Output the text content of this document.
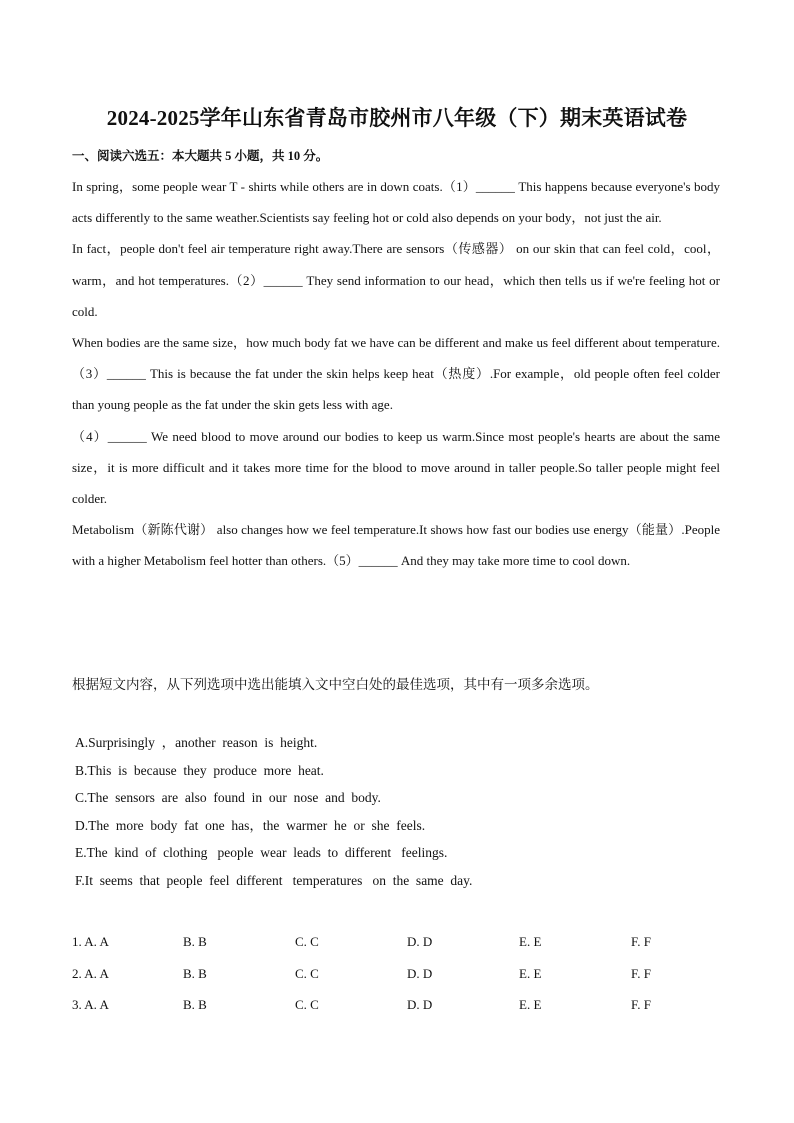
2024-2025学年山东省青岛市胶州市八年级（下）期末英语试卷
一、阅读六选五：本大题共 5 小题，共 10 分。

In spring，some people wear T - shirts while others are in down coats.（1）______ This happens because everyone's body acts differently to the same weather.Scientists say feeling hot or cold also depends on your body，not just the air.

In fact，people don't feel air temperature right away.There are sensors（传感器） on our skin that can feel cold，cool，warm，and hot temperatures.（2）______ They send information to our head，which then tells us if we're feeling hot or cold.

When bodies are the same size，how much body fat we have can be different and make us feel different about temperature.（3）______ This is because the fat under the skin helps keep heat（热度）.For example，old people often feel colder than young people as the fat under the skin gets less with age.

（4）______ We need blood to move around our bodies to keep us warm.Since most people's hearts are about the same size，it is more difficult and it takes more time for the blood to move around in taller people.So taller people might feel colder.

Metabolism（新陈代谢） also changes how we feel temperature.It shows how fast our bodies use energy（能量）.People with a higher Metabolism feel hotter than others.（5）______ And they may take more time to cool down.

根据短文内容，从下列选项中选出能填入文中空白处的最佳选项，其中有一项多余选项。
A.Surprisingly  ，another  reason  is  height.
B.This  is  because  they  produce  more  heat.
C.The  sensors  are  also  found  in  our  nose  and  body.
D.The  more  body  fat  one  has，the  warmer  he  or  she  feels.
E.The  kind  of  clothing   people  wear  leads  to  different   feelings.
F.It  seems  that  people  feel  different   temperatures   on  the  same  day.
1. A. A	B. B	C. C	D. D	E. E	F. F
2. A. A	B. B	C. C	D. D	E. E	F. F
3. A. A	B. B	C. C	D. D	E. E	F. F
